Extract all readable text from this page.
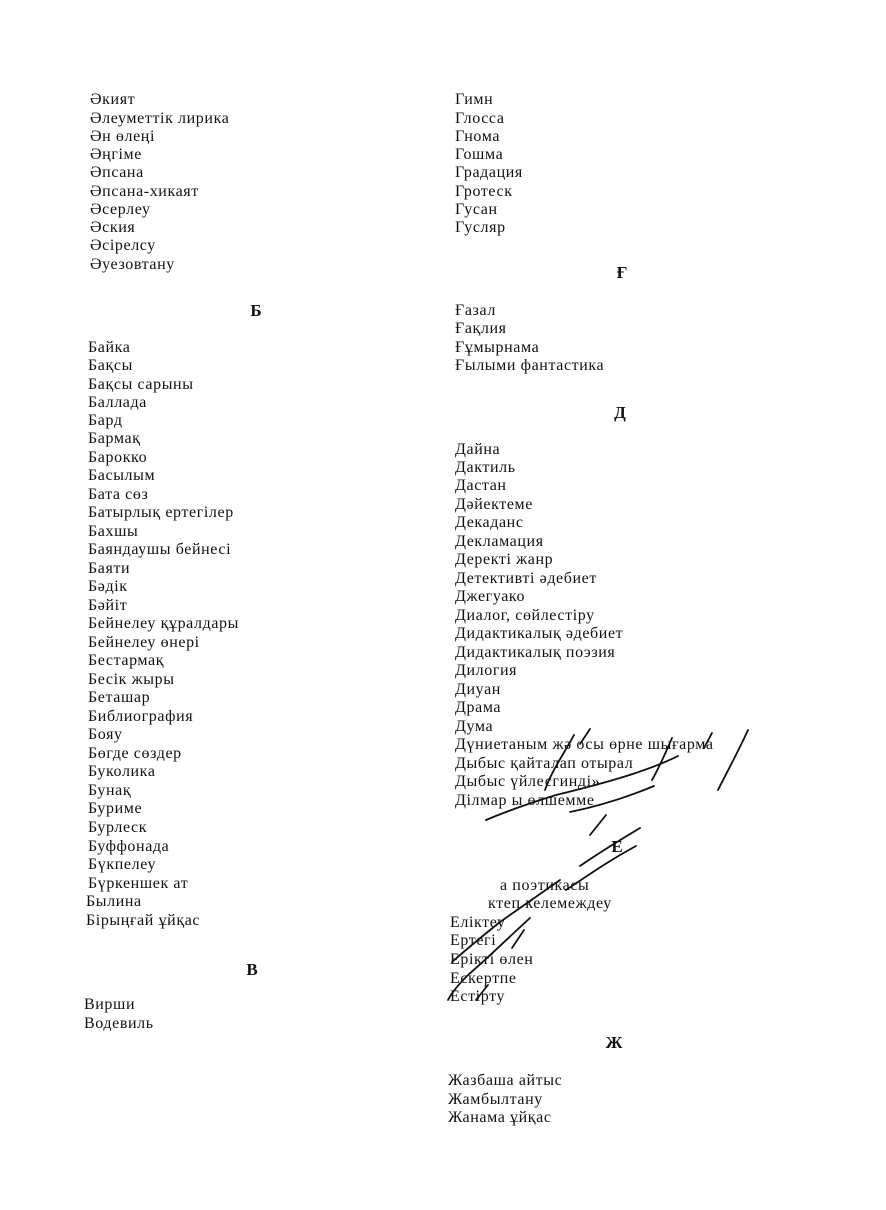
Б
В
Әкият
Әлеуметтік лирика
Ән өлеңі
Әңгіме
Әпсана
Әпсана-хикаят
Әсерлеу
Әския
Әсірелсу
Әуезовтану
Байка
Бақсы
Бақсы сарыны
Баллада
Бард
Бармақ
Барокко
Басылым
Бата сөз
Батырлық ертегілер
Бахшы
Баяндаушы бейнесі
Баяти
Бәдік
Бәйіт
Бейнелеу құралдары
Бейнелеу өнері
Бестармақ
Бесік жыры
Беташар
Библиография
Бояу
Бөгде сөздер
Буколика
Бунақ
Буриме
Бурлеск
Буффонада
Бүкпелеу
Бүркеншек ат
Былина
Бірыңғай ұйқас
Вирши
Водевиль
Ғ
Д
Е
Ж
Гимн
Глосса
Гнома
Гошма
Градация
Гротеск
Гусан
Гусляр
Ғазал
Ғақлия
Ғұмырнама
Ғылыми фантастика
Дайна
Дактиль
Дастан
Дәйектеме
Декаданс
Декламация
Деректі жанр
Детективті әдебиет
Джегуако
Диалог, сөйлестіру
Дидактикалық әдебиет
Дидактикалық поэзия
Дилогия
Диуан
Драма
Дума
Дүниетаным жә осы өрне шығарма
Дыбыс қайталап отырал
Дыбыс үйлесгинді»
Ділмар ы өлшемме
а поэтикасы
ктеп келемеждеу
Еліктеу
Ертегі
Ерікті өлен
Ескертпе
Естірту
Жазбаша айтыс
Жамбылтану
Жанама ұйқас
